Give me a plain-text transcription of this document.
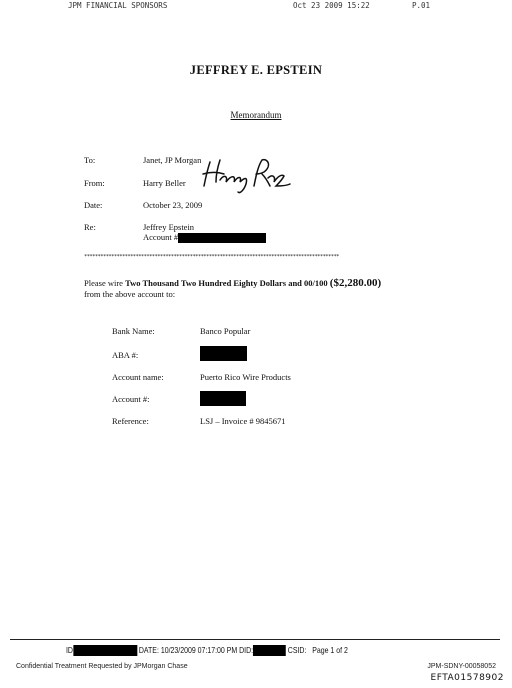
JPM FINANCIAL SPONSORS	Oct 23 2009 15:22	P.01
JEFFREY E. EPSTEIN
Memorandum
To:	Janet, JP Morgan
From:	Harry Beller
Date:	October 23, 2009
Re:	Jeffrey Epstein
Account #
**********************************************************************************************
Please wire Two Thousand Two Hundred Eighty Dollars and 00/100 ($2,280.00)
from the above account to:
Bank Name:	Banco Popular
ABA #:
Account name:	Puerto Rico Wire Products
Account #:
Reference:	LSJ – Invoice # 9845671
ID	DATE: 10/23/2009 07:17:00 PM DID:	CSID: Page 1 of 2
Confidential Treatment Requested by JPMorgan Chase	JPM-SDNY-00058052
EFTA01578902
